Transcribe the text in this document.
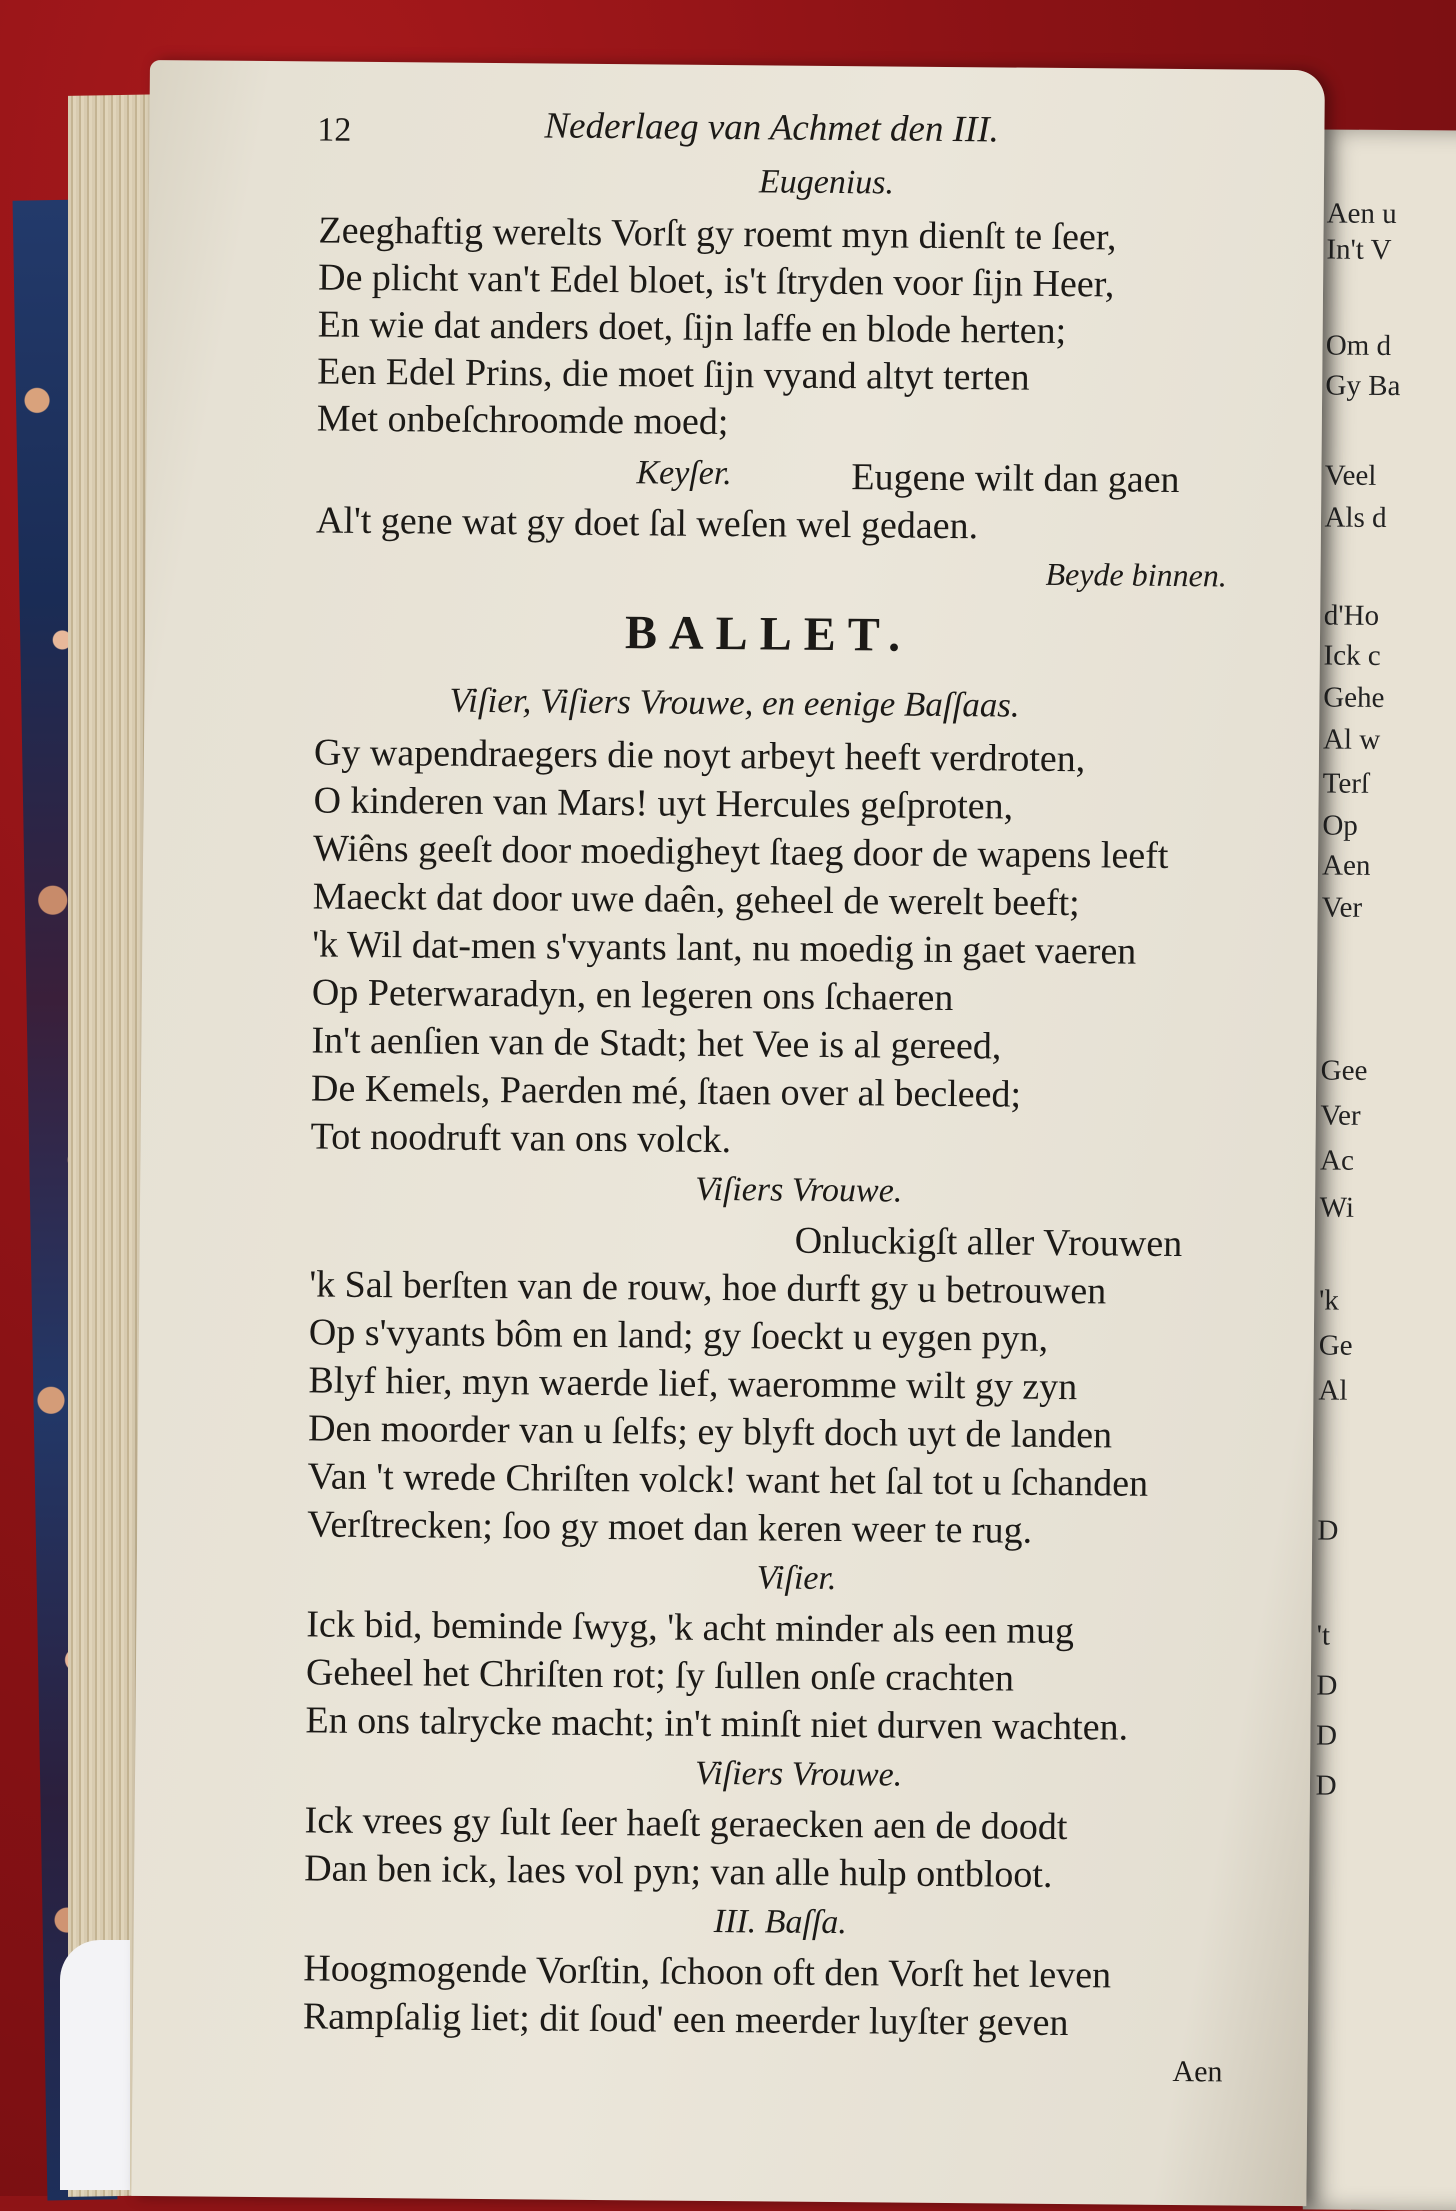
Aen u
In't V
Om d
Gy Ba
Veel
Als d
d'Ho
Ick c
Gehe
Al w
Terſ
Op
Aen
Ver
Gee
Ver
Ac
Wi
'k
Ge
Al
D
't
D
D
D
12	Nederlaeg van Achmet den III.
Eugenius.
Zeeghaftig werelts Vorſt gy roemt myn dienſt te ſeer,
De plicht van't Edel bloet, is't ſtryden voor ſijn Heer,
En wie dat anders doet, ſijn laffe en blode herten;
Een Edel Prins, die moet ſijn vyand altyt terten
Met onbeſchroomde moed;
Keyſer.	Eugene wilt dan gaen
Al't gene wat gy doet ſal weſen wel gedaen.
Beyde binnen.
BALLET.
Viſier, Viſiers Vrouwe, en eenige Baſſaas.
Gy wapendraegers die noyt arbeyt heeft verdroten,
O kinderen van Mars! uyt Hercules geſproten,
Wiêns geeſt door moedigheyt ſtaeg door de wapens leeft
Maeckt dat door uwe daên, geheel de werelt beeft;
'k Wil dat-men s'vyants lant, nu moedig in gaet vaeren
Op Peterwaradyn, en legeren ons ſchaeren
In't aenſien van de Stadt; het Vee is al gereed,
De Kemels, Paerden mé, ſtaen over al becleed;
Tot noodruft van ons volck.
Viſiers Vrouwe.
Onluckigſt aller Vrouwen
'k Sal berſten van de rouw, hoe durft gy u betrouwen
Op s'vyants bôm en land; gy ſoeckt u eygen pyn,
Blyf hier, myn waerde lief, waeromme wilt gy zyn
Den moorder van u ſelfs; ey blyft doch uyt de landen
Van 't wrede Chriſten volck! want het ſal tot u ſchanden
Verſtrecken; ſoo gy moet dan keren weer te rug.
Viſier.
Ick bid, beminde ſwyg, 'k acht minder als een mug
Geheel het Chriſten rot; ſy ſullen onſe crachten
En ons talrycke macht; in't minſt niet durven wachten.
Viſiers Vrouwe.
Ick vrees gy ſult ſeer haeſt geraecken aen de doodt
Dan ben ick, laes vol pyn; van alle hulp ontbloot.
III. Baſſa.
Hoogmogende Vorſtin, ſchoon oft den Vorſt het leven
Rampſalig liet; dit ſoud' een meerder luyſter geven
Aen
